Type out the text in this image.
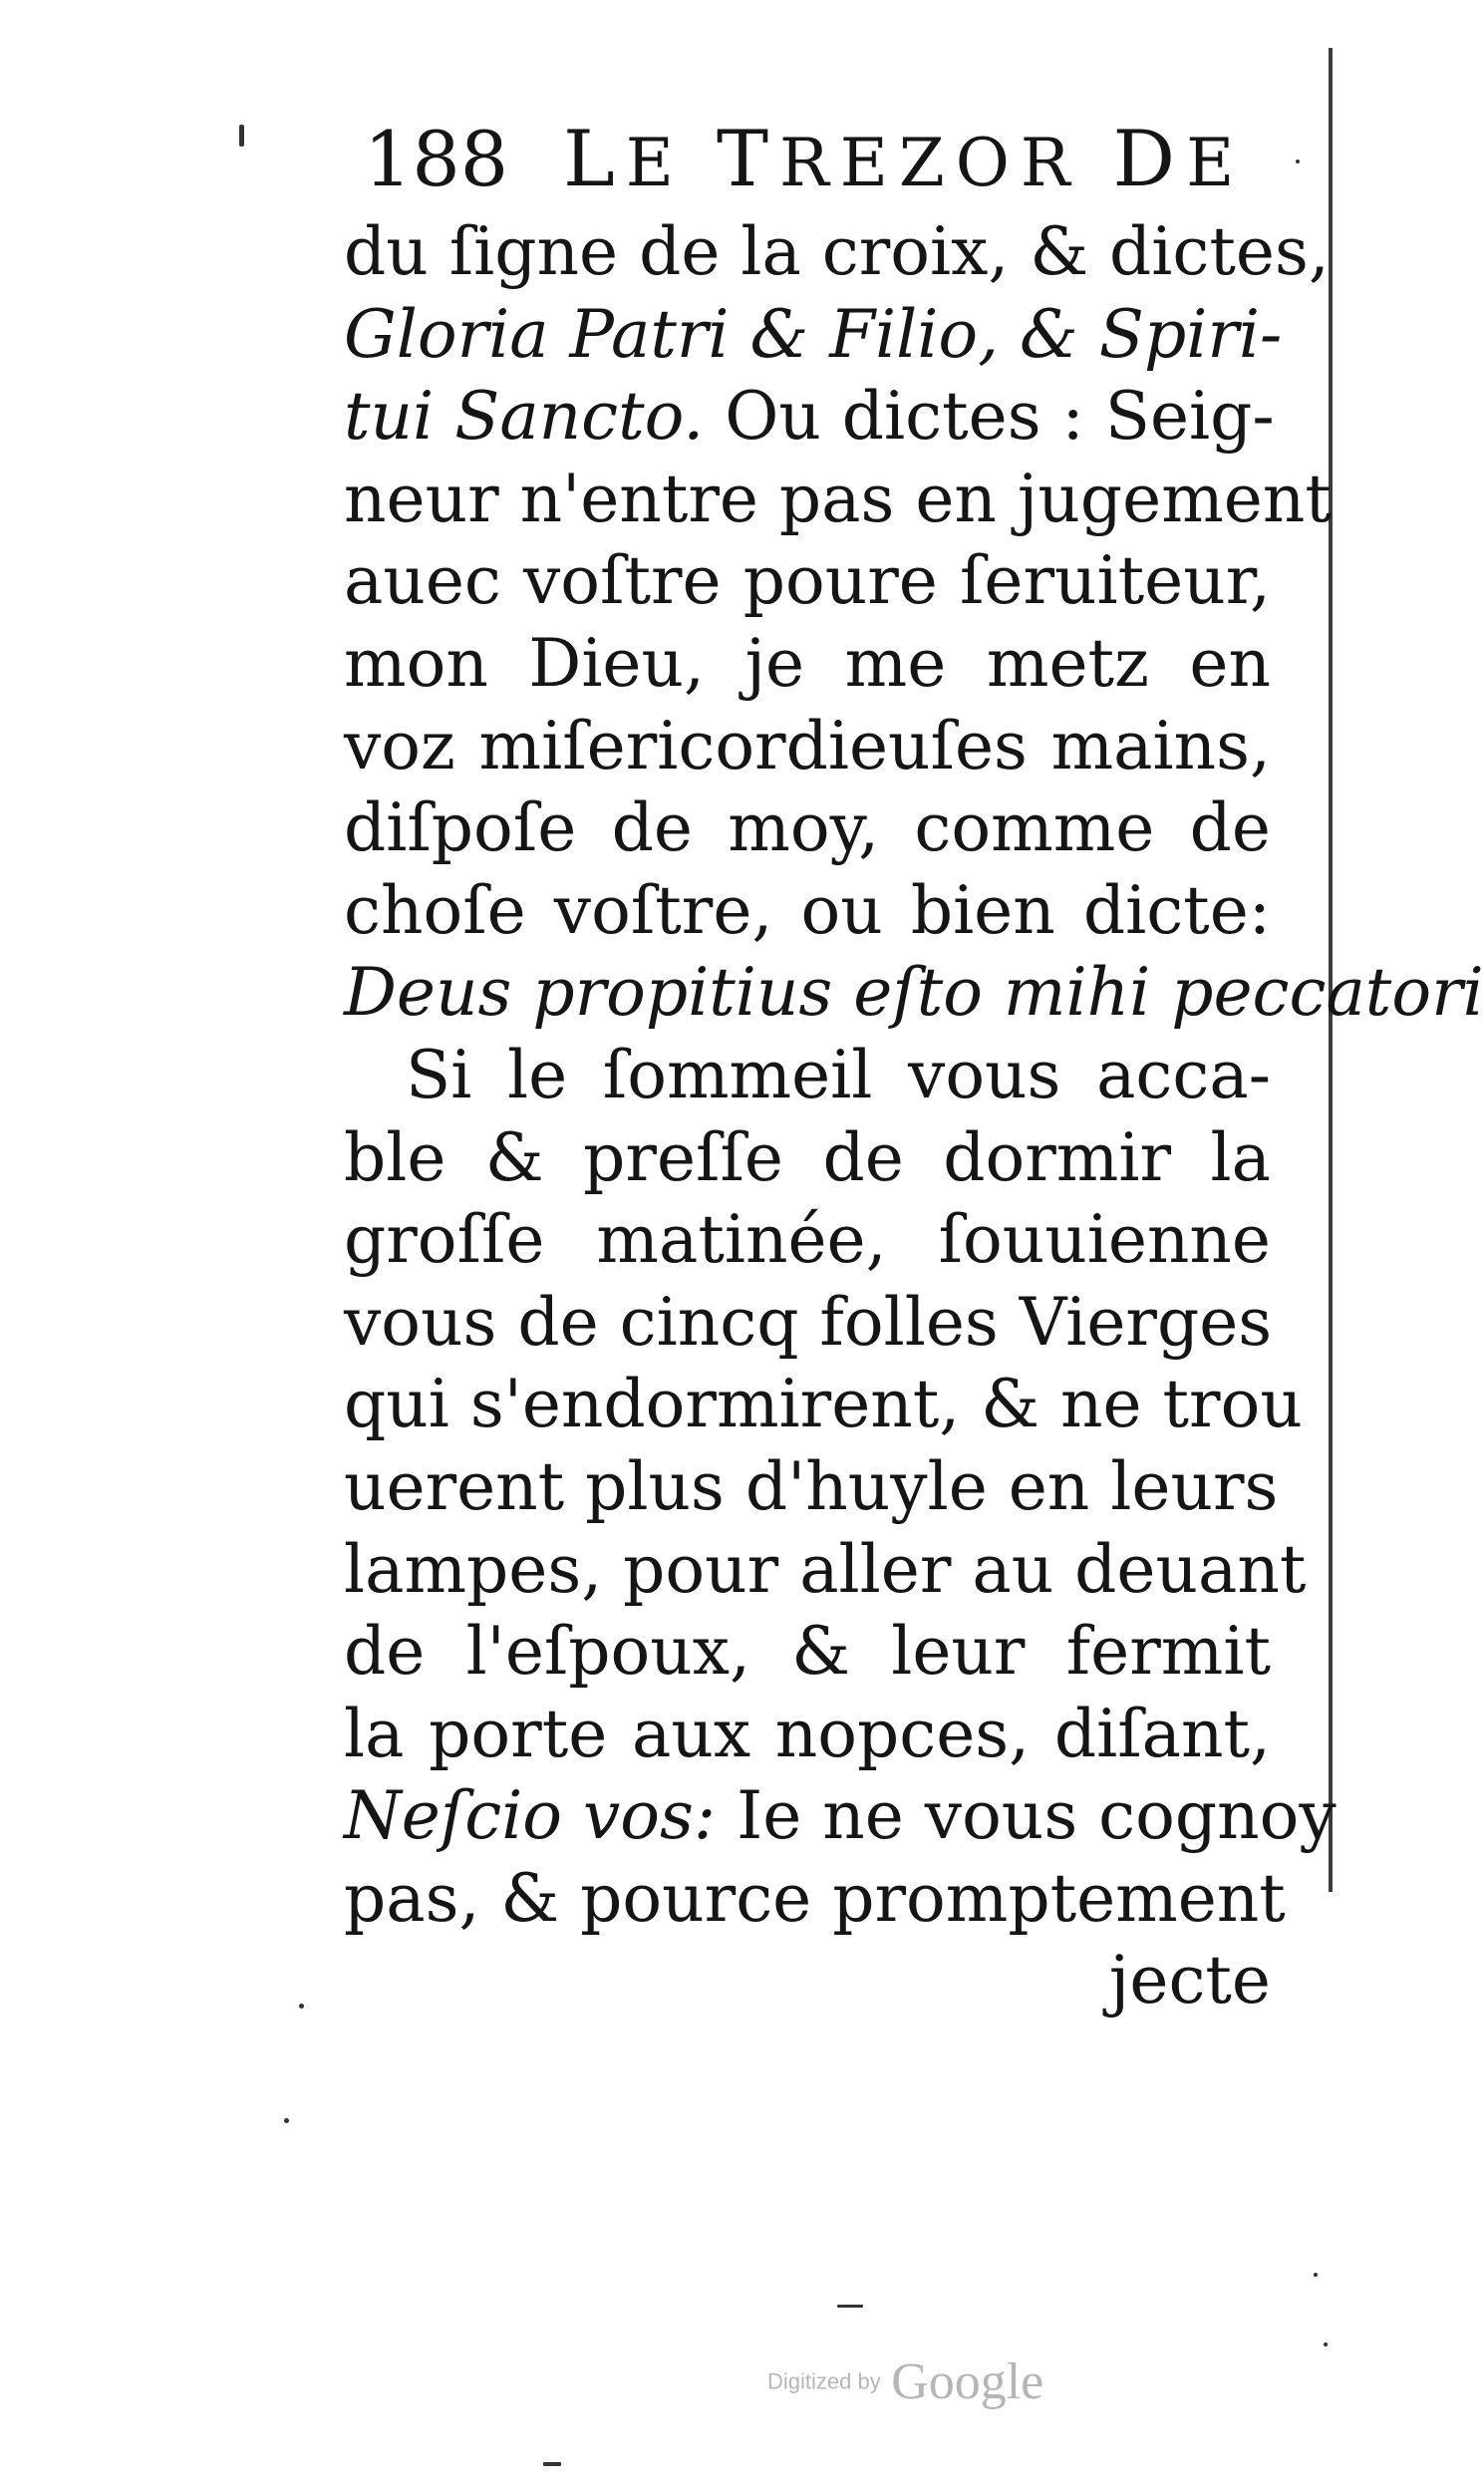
188 LE TREZOR DE
du ſigne de la croix, & dictes,
Gloria Patri & Filio, & Spiri-
tui Sancto. Ou dictes : Seig-
neur n'entre pas en jugement
auec voſtre poure ſeruiteur,
mon Dieu, je me metz en
voz miſericordieuſes mains,
diſpoſe de moy, comme de
choſe voſtre, ou bien dicte:
Deus propitius eſto mihi peccatori
Si le ſommeil vous acca-
ble & preſſe de dormir la
groſſe matinée, ſouuienne
vous de cincq folles Vierges
qui s'endormirent, & ne trou
uerent plus d'huyle en leurs
lampes, pour aller au deuant
de l'eſpoux, & leur fermit
la porte aux nopces, diſant,
Neſcio vos: Ie ne vous cognoy
pas, & pource promptement
jecte
Digitized by Google
